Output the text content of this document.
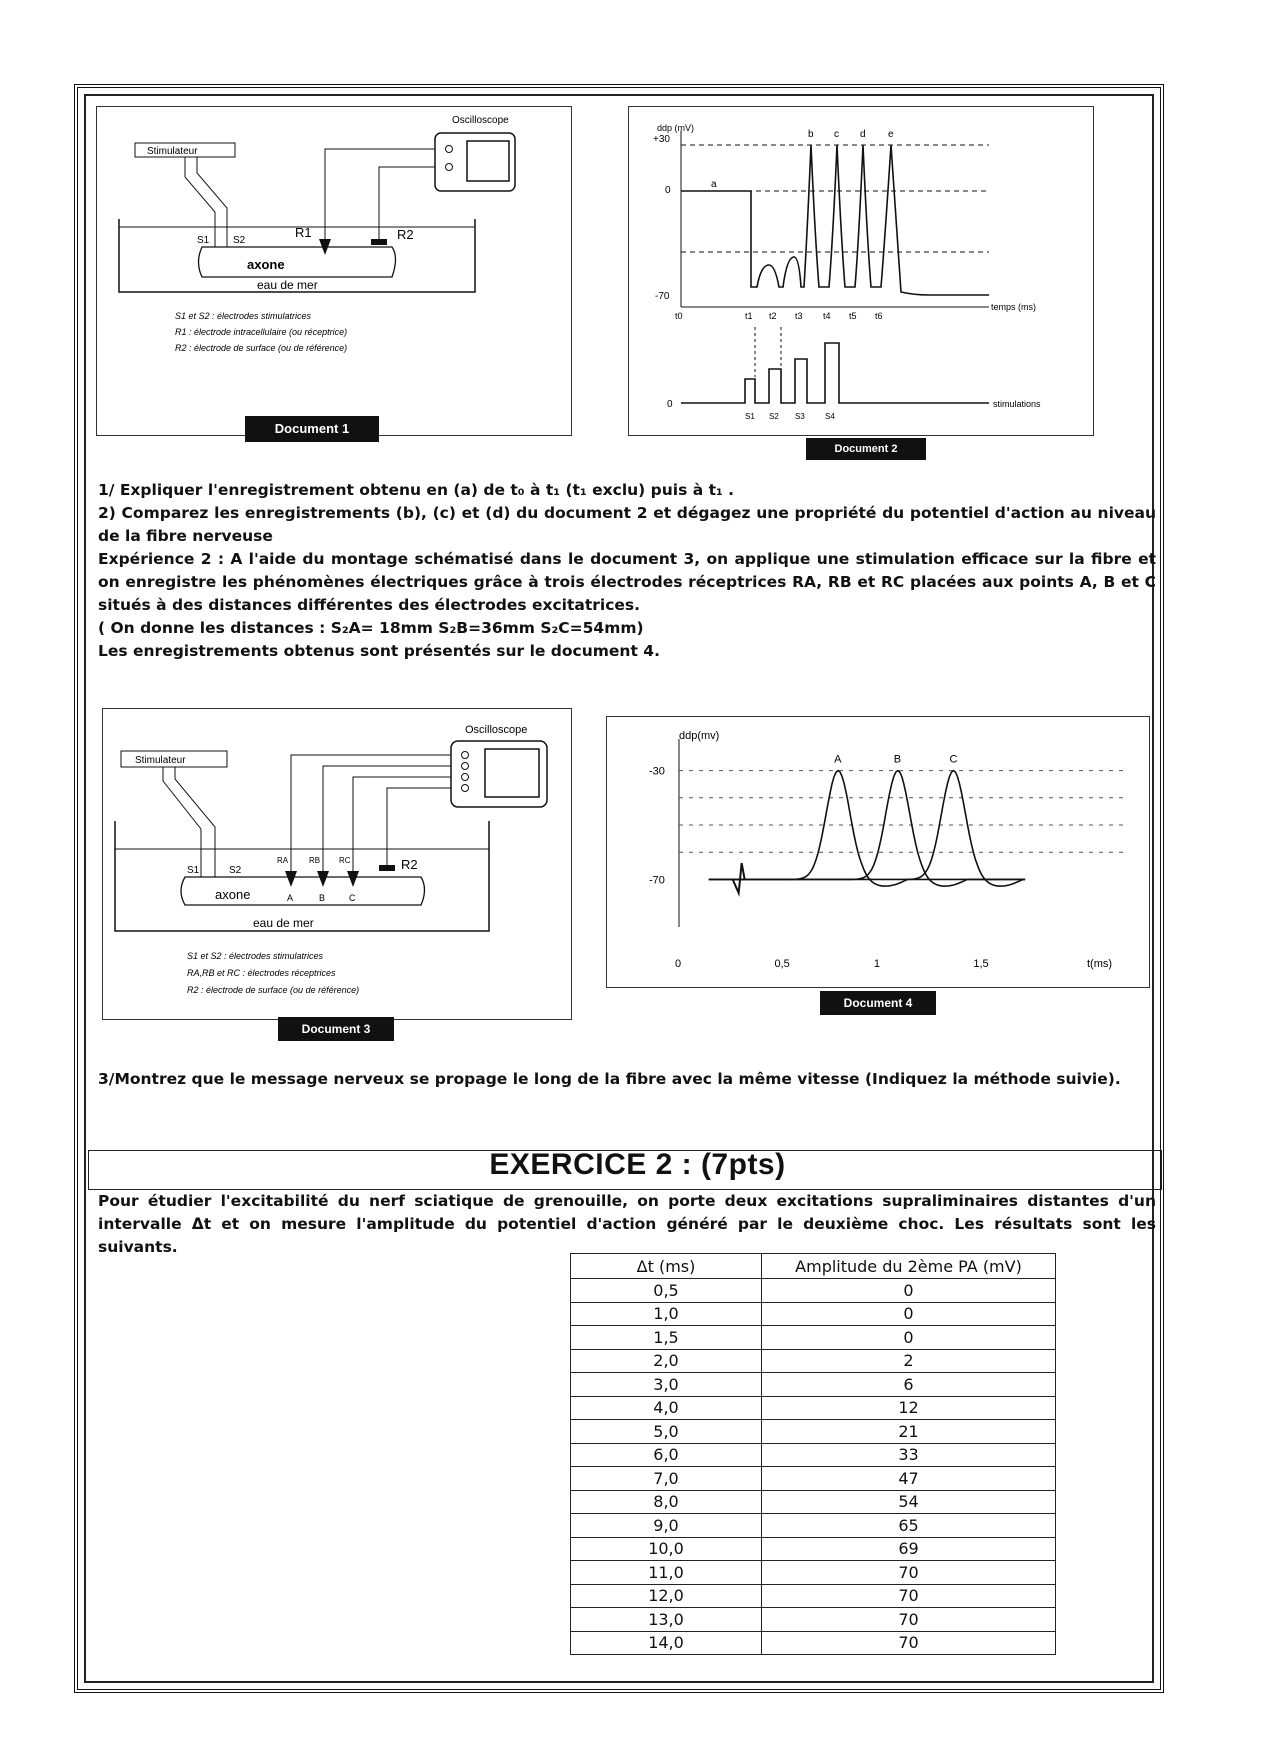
Oscilloscope
Stimulateur
axone
eau de mer
S1 S2
R1	R2
S1 et S2 : électrodes stimulatrices
R1 : électrode intracellulaire (ou réceptrice)
R2 : électrode de surface (ou de référence)
Document 1
ddp (mV)
+30
0
-70
a
b c d e
t0	t1 t2 t3 t4 t5 t6
temps (ms)
0
S1 S2 S3	S4
stimulations
Document 2

1/ Expliquer l'enregistrement obtenu en (a) de t₀ à t₁ (t₁ exclu) puis à t₁ .

2) Comparez les enregistrements (b), (c) et (d) du document 2 et dégagez une propriété du potentiel d'action au niveau de la fibre nerveuse

Expérience 2 : A l'aide du montage schématisé dans le document 3, on applique une stimulation efficace sur la fibre et on enregistre les phénomènes électriques grâce à trois électrodes réceptrices RA, RB et RC placées aux points A, B et C situés à des distances différentes des électrodes excitatrices.

( On donne les distances : S₂A= 18mm S₂B=36mm S₂C=54mm)

Les enregistrements obtenus sont présentés sur le document 4.

Oscilloscope
Stimulateur
axone
eau de mer
S1	S2
RA	RB RC
A	B	C
R2
S1 et S2 : électrodes stimulatrices
RA,RB et RC : électrodes réceptrices
R2 : électrode de surface (ou de référence)
Document 3
ddp(mv)
-30
-70
0	0,5	1	1,5	t(ms)
A	B	C
Document 4

3/Montrez que le message nerveux se propage le long de la fibre avec la même vitesse (Indiquez la méthode suivie).

EXERCICE 2 : (7pts)

Pour étudier l'excitabilité du nerf sciatique de grenouille, on porte deux excitations supraliminaires distantes d'un intervalle Δt et on mesure l'amplitude du potentiel d'action généré par le deuxième choc. Les résultats sont les suivants.

Δt (ms)	Amplitude du 2ème PA (mV)
0,5	0
1,0	0
1,5	0
2,0	2
3,0	6
4,0	12
5,0	21
6,0	33
7,0	47
8,0	54
9,0	65
10,0	69
11,0	70
12,0	70
13,0	70
14,0	70
